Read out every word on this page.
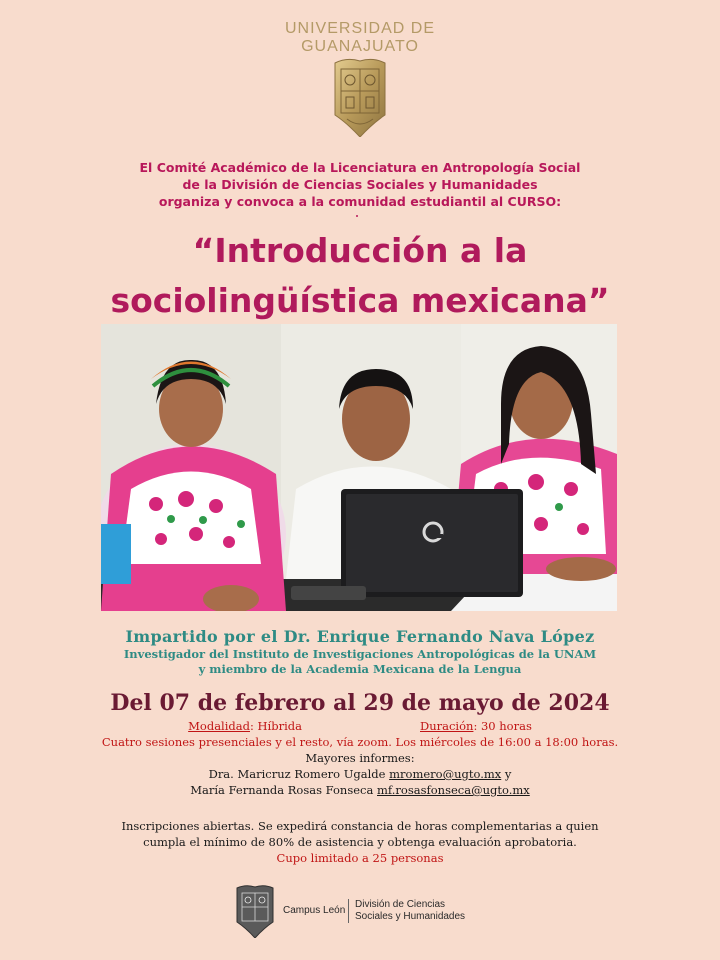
UNIVERSIDAD DE
GUANAJUATO
El Comité Académico de la Licenciatura en Antropología Social
de la División de Ciencias Sociales y Humanidades
organiza y convoca a la comunidad estudiantil al CURSO:
“Introducción a la
sociolingüística mexicana”
Impartido por el Dr. Enrique Fernando Nava López
Investigador del Instituto de Investigaciones Antropológicas de la UNAM
y miembro de la Academia Mexicana de la Lengua
Del 07 de febrero al 29 de mayo de 2024
Modalidad: Híbrida	Duración: 30 horas
Cuatro sesiones presenciales y el resto, vía zoom. Los miércoles de 16:00 a 18:00 horas.
Mayores informes:
Dra. Maricruz Romero Ugalde mromero@ugto.mx y
María Fernanda Rosas Fonseca mf.rosasfonseca@ugto.mx
Inscripciones abiertas. Se expedirá constancia de horas complementarias a quien
cumpla el mínimo de 80% de asistencia y obtenga evaluación aprobatoria.
Cupo limitado a 25 personas
Campus León
División de Ciencias
Sociales y Humanidades
